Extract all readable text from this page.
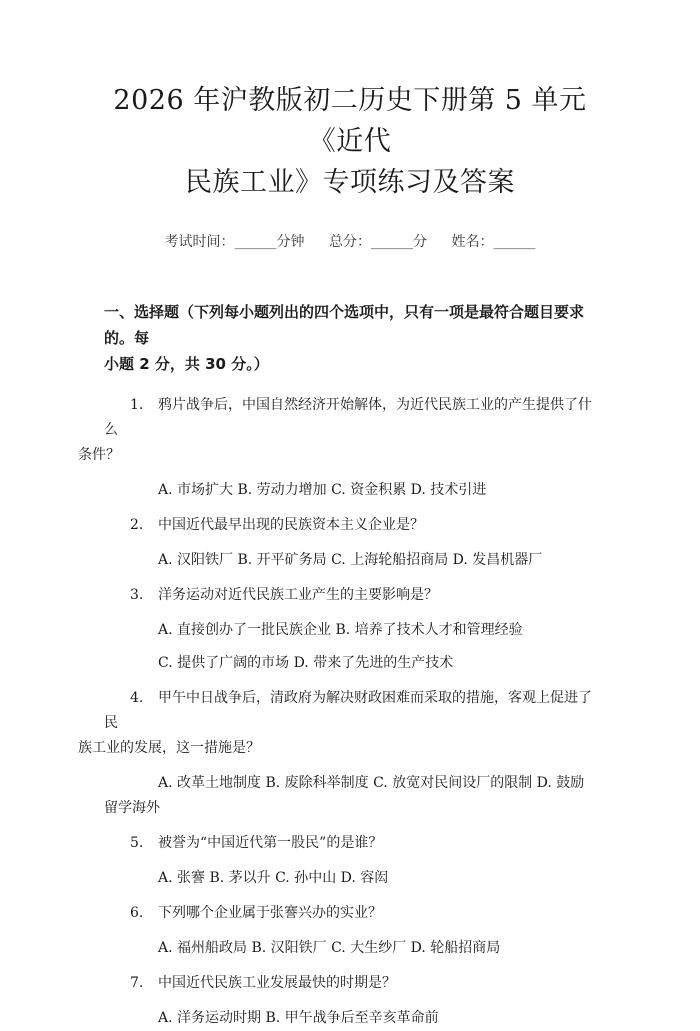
2026 年沪教版初二历史下册第 5 单元《近代
民族工业》专项练习及答案
考试时间：______分钟 总分：______分 姓名：______
一、选择题（下列每小题列出的四个选项中，只有一项是最符合题目要求的。每
小题 2 分，共 30 分。）
1. 鸦片战争后，中国自然经济开始解体，为近代民族工业的产生提供了什么
条件？
A. 市场扩大 B. 劳动力增加 C. 资金积累 D. 技术引进
2. 中国近代最早出现的民族资本主义企业是？
A. 汉阳铁厂 B. 开平矿务局 C. 上海轮船招商局 D. 发昌机器厂
3. 洋务运动对近代民族工业产生的主要影响是？
A. 直接创办了一批民族企业 B. 培养了技术人才和管理经验
C. 提供了广阔的市场 D. 带来了先进的生产技术
4. 甲午中日战争后，清政府为解决财政困难而采取的措施，客观上促进了民
族工业的发展，这一措施是？
A. 改革土地制度 B. 废除科举制度 C. 放宽对民间设厂的限制 D. 鼓励
留学海外
5. 被誉为“中国近代第一股民”的是谁？
A. 张謇 B. 茅以升 C. 孙中山 D. 容闳
6. 下列哪个企业属于张謇兴办的实业？
A. 福州船政局 B. 汉阳铁厂 C. 大生纱厂 D. 轮船招商局
7. 中国近代民族工业发展最快的时期是？
A. 洋务运动时期 B. 甲午战争后至辛亥革命前
